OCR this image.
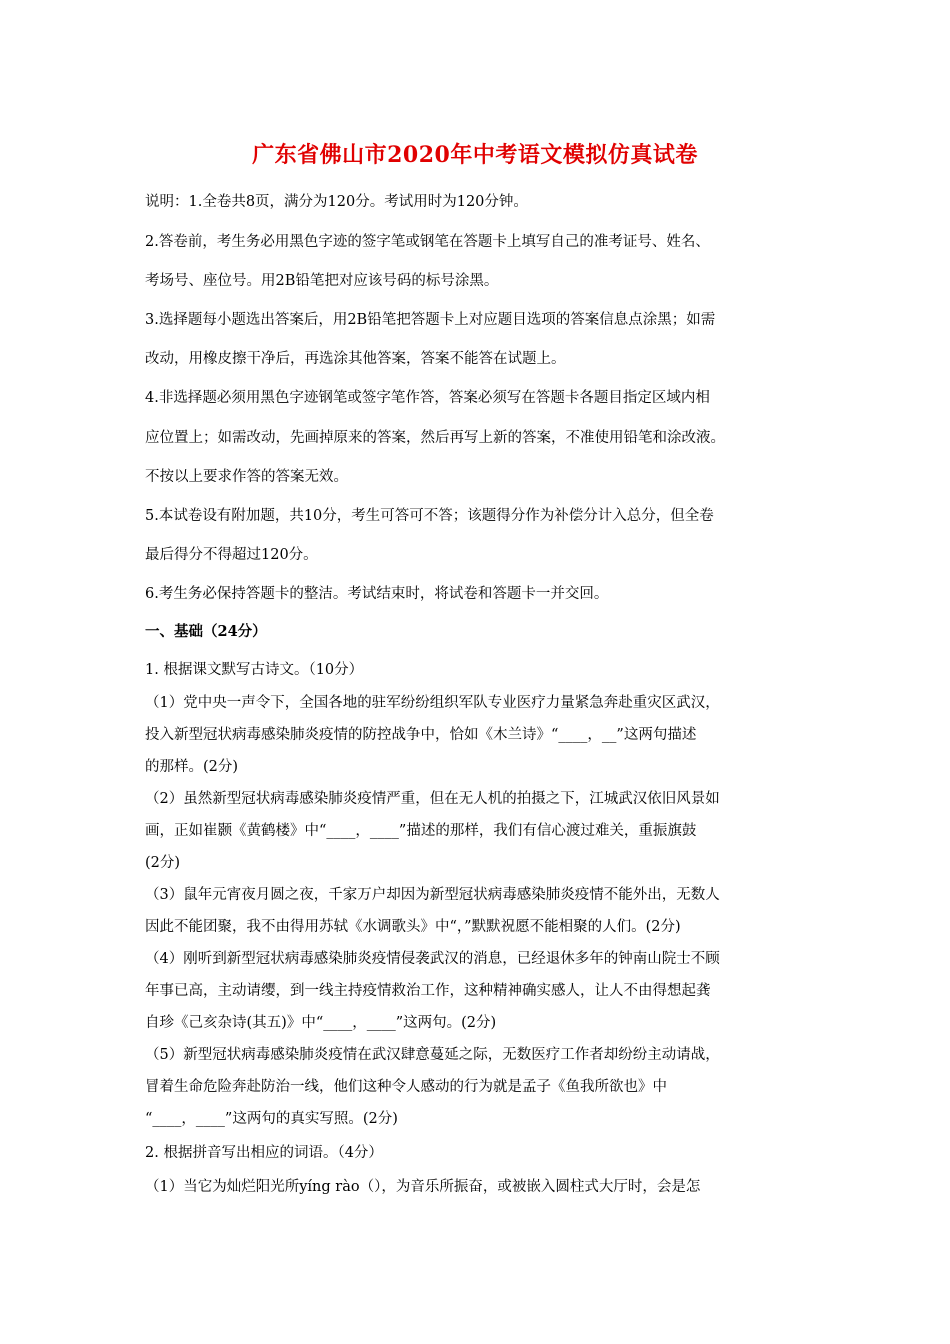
广东省佛山市2020年中考语文模拟仿真试卷
说明：1.全卷共8页，满分为120分。考试用时为120分钟。
2.答卷前，考生务必用黑色字迹的签字笔或钢笔在答题卡上填写自己的准考证号、姓名、
考场号、座位号。用2B铅笔把对应该号码的标号涂黑。
3.选择题每小题选出答案后，用2B铅笔把答题卡上对应题目选项的答案信息点涂黑；如需
改动，用橡皮擦干净后，再选涂其他答案，答案不能答在试题上。
4.非选择题必须用黑色字迹钢笔或签字笔作答，答案必须写在答题卡各题目指定区域内相
应位置上；如需改动，先画掉原来的答案，然后再写上新的答案，不准使用铅笔和涂改液。
不按以上要求作答的答案无效。
5.本试卷设有附加题，共10分，考生可答可不答；该题得分作为补偿分计入总分，但全卷
最后得分不得超过120分。
6.考生务必保持答题卡的整洁。考试结束时，将试卷和答题卡一并交回。
一、基础（24分）
1. 根据课文默写古诗文。（10分）
（1）党中央一声令下，全国各地的驻军纷纷组织军队专业医疗力量紧急奔赴重灾区武汉，
投入新型冠状病毒感染肺炎疫情的防控战争中，恰如《木兰诗》“____，__”这两句描述
的那样。(2分)
（2）虽然新型冠状病毒感染肺炎疫情严重，但在无人机的拍摄之下，江城武汉依旧风景如
画，正如崔颢《黄鹤楼》中“____，____”描述的那样，我们有信心渡过难关，重振旗鼓
(2分)
（3）鼠年元宵夜月圆之夜，千家万户却因为新型冠状病毒感染肺炎疫情不能外出，无数人
因此不能团聚，我不由得用苏轼《水调歌头》中“，”默默祝愿不能相聚的人们。(2分)
（4）刚听到新型冠状病毒感染肺炎疫情侵袭武汉的消息，已经退休多年的钟南山院士不顾
年事已高，主动请缨，到一线主持疫情救治工作，这种精神确实感人，让人不由得想起龚
自珍《己亥杂诗(其五)》中“____，____”这两句。(2分)
（5）新型冠状病毒感染肺炎疫情在武汉肆意蔓延之际，无数医疗工作者却纷纷主动请战，
冒着生命危险奔赴防治一线，他们这种令人感动的行为就是孟子《鱼我所欲也》中
“____，____”这两句的真实写照。(2分)
2. 根据拼音写出相应的词语。（4分）
（1）当它为灿烂阳光所yíng rào（），为音乐所振奋，或被嵌入圆柱式大厅时，会是怎
